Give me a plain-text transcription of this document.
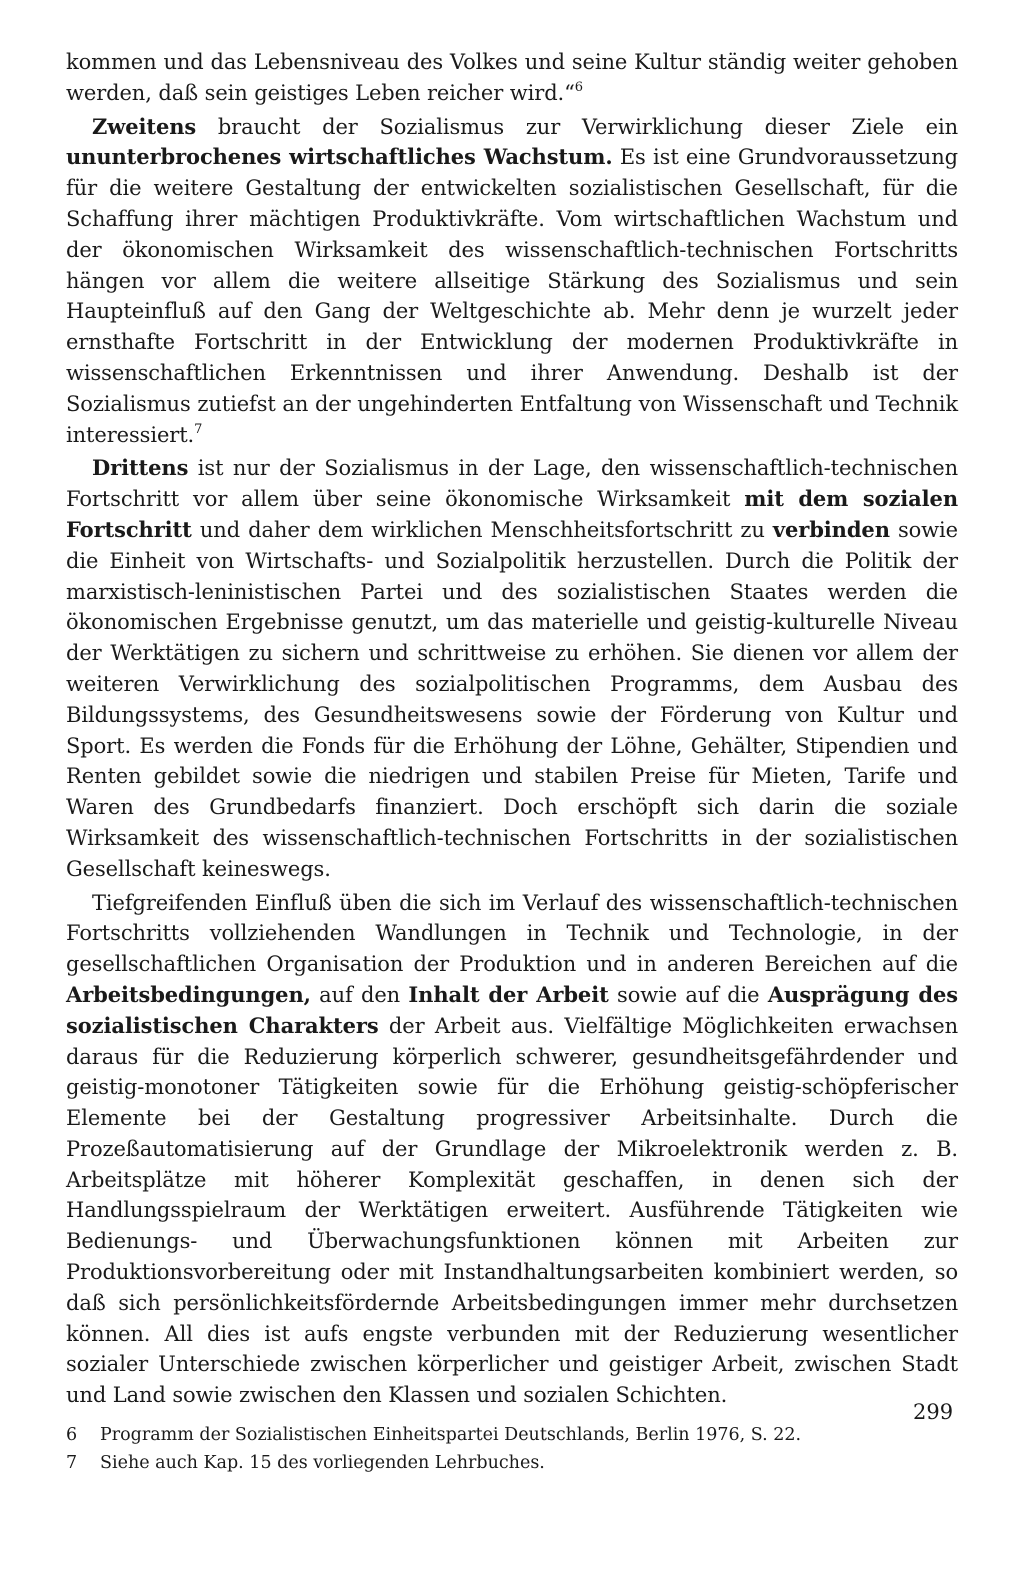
kommen und das Lebensniveau des Volkes und seine Kultur ständig weiter gehoben werden, daß sein geistiges Leben reicher wird.“$^6$

Zweitens braucht der Sozialismus zur Verwirklichung dieser Ziele ein ununterbrochenes wirtschaftliches Wachstum. Es ist eine Grundvoraussetzung für die weitere Gestaltung der entwickelten sozialistischen Gesellschaft, für die Schaffung ihrer mächtigen Produktivkräfte. Vom wirtschaftlichen Wachstum und der ökonomischen Wirksamkeit des wissenschaftlich-technischen Fortschritts hängen vor allem die weitere allseitige Stärkung des Sozialismus und sein Haupteinfluß auf den Gang der Weltgeschichte ab. Mehr denn je wurzelt jeder ernsthafte Fortschritt in der Entwicklung der modernen Produktivkräfte in wissenschaftlichen Erkenntnissen und ihrer Anwendung. Deshalb ist der Sozialismus zutiefst an der ungehinderten Entfaltung von Wissenschaft und Technik interessiert.$^7$

Drittens ist nur der Sozialismus in der Lage, den wissenschaftlich-technischen Fortschritt vor allem über seine ökonomische Wirksamkeit mit dem sozialen Fortschritt und daher dem wirklichen Menschheitsfortschritt zu verbinden sowie die Einheit von Wirtschafts- und Sozialpolitik herzustellen. Durch die Politik der marxistisch-leninistischen Partei und des sozialistischen Staates werden die ökonomischen Ergebnisse genutzt, um das materielle und geistig-kulturelle Niveau der Werktätigen zu sichern und schrittweise zu erhöhen. Sie dienen vor allem der weiteren Verwirklichung des sozialpolitischen Programms, dem Ausbau des Bildungssystems, des Gesundheitswesens sowie der Förderung von Kultur und Sport. Es werden die Fonds für die Erhöhung der Löhne, Gehälter, Stipendien und Renten gebildet sowie die niedrigen und stabilen Preise für Mieten, Tarife und Waren des Grundbedarfs finanziert. Doch erschöpft sich darin die soziale Wirksamkeit des wissenschaftlich-technischen Fortschritts in der sozialistischen Gesellschaft keineswegs.

Tiefgreifenden Einfluß üben die sich im Verlauf des wissenschaftlich-technischen Fortschritts vollziehenden Wandlungen in Technik und Technologie, in der gesellschaftlichen Organisation der Produktion und in anderen Bereichen auf die Arbeitsbedingungen, auf den Inhalt der Arbeit sowie auf die Ausprägung des sozialistischen Charakters der Arbeit aus. Vielfältige Möglichkeiten erwachsen daraus für die Reduzierung körperlich schwerer, gesundheitsgefährdender und geistig-monotoner Tätigkeiten sowie für die Erhöhung geistig-schöpferischer Elemente bei der Gestaltung progressiver Arbeitsinhalte. Durch die Prozeßautomatisierung auf der Grundlage der Mikroelektronik werden z. B. Arbeitsplätze mit höherer Komplexität geschaffen, in denen sich der Handlungsspielraum der Werktätigen erweitert. Ausführende Tätigkeiten wie Bedienungs- und Überwachungsfunktionen können mit Arbeiten zur Produktionsvorbereitung oder mit Instandhaltungsarbeiten kombiniert werden, so daß sich persönlichkeitsfördernde Arbeitsbedingungen immer mehr durchsetzen können. All dies ist aufs engste verbunden mit der Reduzierung wesentlicher sozialer Unterschiede zwischen körperlicher und geistiger Arbeit, zwischen Stadt und Land sowie zwischen den Klassen und sozialen Schichten.

6	Programm der Sozialistischen Einheitspartei Deutschlands, Berlin 1976, S. 22.
7	Siehe auch Kap. 15 des vorliegenden Lehrbuches.
299
